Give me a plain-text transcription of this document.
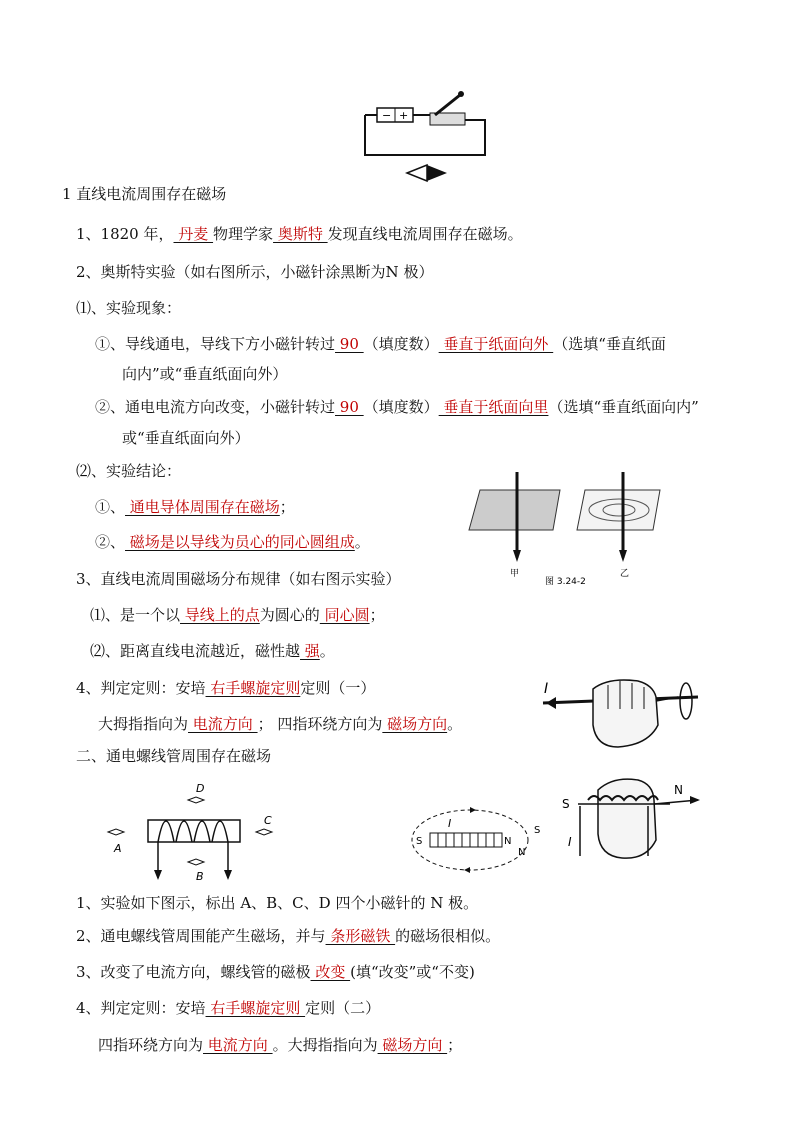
− +
1 直线电流周围存在磁场
1、1820 年， 丹麦 物理学家 奥斯特 发现直线电流周围存在磁场。
2、奥斯特实验（如右图所示，小磁针涂黑断为N 极）
⑴、实验现象：
①、导线通电，导线下方小磁针转过 90 （填度数） 垂直于纸面向外 （选填“垂直纸面
向内”或“垂直纸面向外）
②、通电电流方向改变，小磁针转过 90 （填度数） 垂直于纸面向里（选填“垂直纸面向内”
或“垂直纸面向外）
⑵、实验结论：
①、 通电导体周围存在磁场；
②、 磁场是以导线为员心的同心圆组成。
甲
图 3.24-2
乙
3、直线电流周围磁场分布规律（如右图示实验）
⑴、是一个以 导线上的点为圆心的 同心圆；
⑵、距离直线电流越近，磁性越 强。
4、判定定则：安培 右手螺旋定则定则（一）	I
大拇指指向为 电流方向 ； 四指环绕方向为 磁场方向。
二、通电螺线管周围存在磁场
D
A
C
B
S	N
I
S
N
S
N
I
1、实验如下图示，标出 A、B、C、D 四个小磁针的 N 极。
2、通电螺线管周围能产生磁场，并与 条形磁铁 的磁场很相似。
3、改变了电流方向，螺线管的磁极 改变 (填“改变”或“不变)
4、判定定则：安培 右手螺旋定则 定则（二）
四指环绕方向为 电流方向 。大拇指指向为 磁场方向 ；
